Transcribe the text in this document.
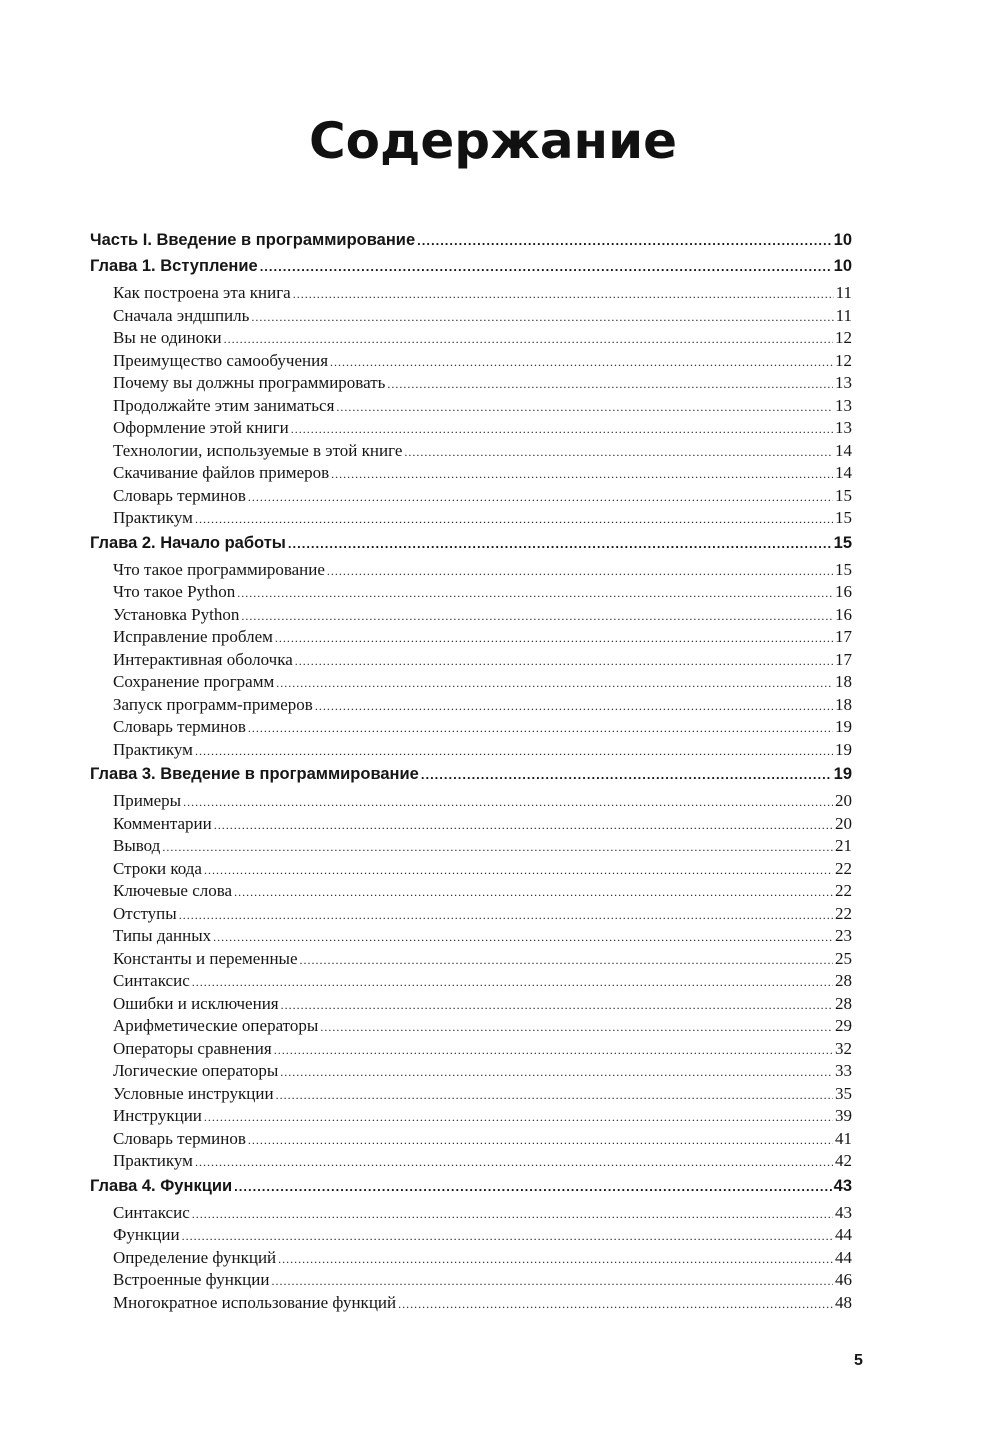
Содержание
Часть I. Введение в программирование .....	10
Глава 1. Вступление .....	10
Как построена эта книга .....	11
Сначала эндшпиль .....	11
Вы не одиноки .....	12
Преимущество самообучения .....	12
Почему вы должны программировать .....	13
Продолжайте этим заниматься .....	13
Оформление этой книги .....	13
Технологии, используемые в этой книге .....	14
Скачивание файлов примеров .....	14
Словарь терминов .....	15
Практикум .....	15
Глава 2. Начало работы .....	15
Что такое программирование .....	15
Что такое Python .....	16
Установка Python .....	16
Исправление проблем .....	17
Интерактивная оболочка .....	17
Сохранение программ .....	18
Запуск программ-примеров .....	18
Словарь терминов .....	19
Практикум .....	19
Глава 3. Введение в программирование .....	19
Примеры .....	20
Комментарии .....	20
Вывод .....	21
Строки кода .....	22
Ключевые слова .....	22
Отступы .....	22
Типы данных .....	23
Константы и переменные .....	25
Синтаксис .....	28
Ошибки и исключения .....	28
Арифметические операторы .....	29
Операторы сравнения .....	32
Логические операторы .....	33
Условные инструкции .....	35
Инструкции .....	39
Словарь терминов .....	41
Практикум .....	42
Глава 4. Функции .....	43
Синтаксис .....	43
Функции .....	44
Определение функций .....	44
Встроенные функции .....	46
Многократное использование функций .....	48
5
